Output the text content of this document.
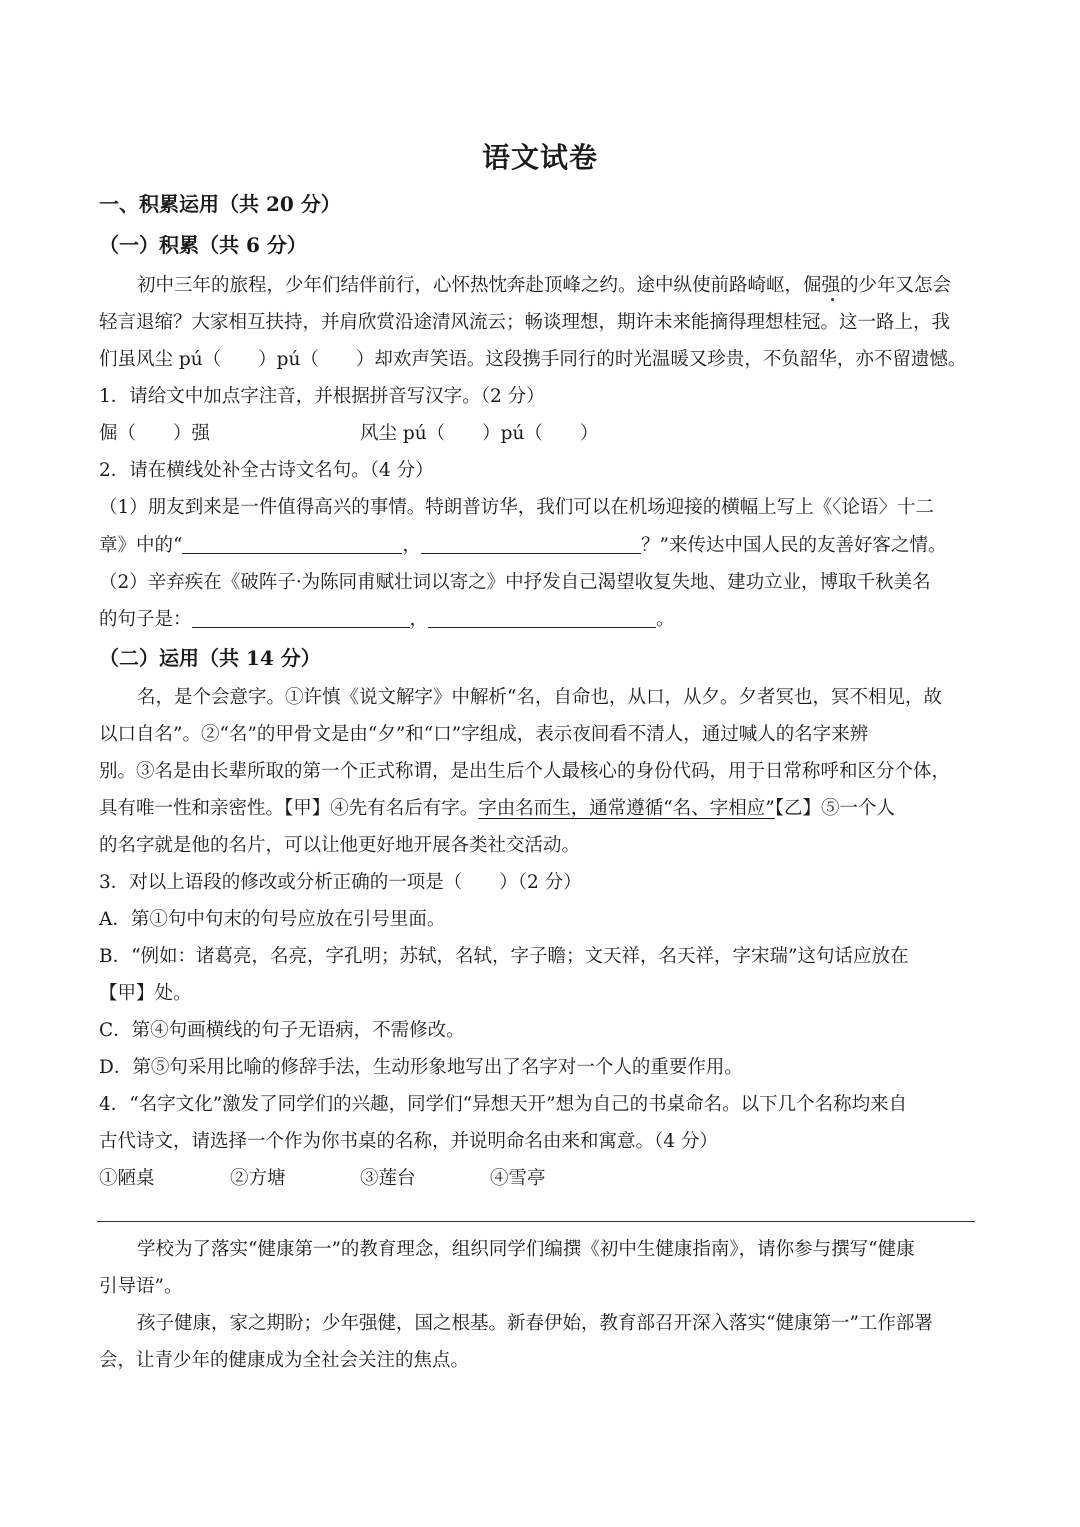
语文试卷
一、积累运用（共 20 分）
（一）积累（共 6 分）
初中三年的旅程，少年们结伴前行，心怀热忱奔赴顶峰之约。途中纵使前路崎岖，倔强的少年又怎会
轻言退缩？大家相互扶持，并肩欣赏沿途清风流云；畅谈理想，期许未来能摘得理想桂冠。这一路上，我
们虽风尘 pú（　　）pú（　　）却欢声笑语。这段携手同行的时光温暖又珍贵，不负韶华，亦不留遗憾。
1．请给文中加点字注音，并根据拼音写汉字。（2 分）
倔（　　）强	风尘 pú（　　）pú（　　）
2．请在横线处补全古诗文名句。（4 分）
（1）朋友到来是一件值得高兴的事情。特朗普访华，我们可以在机场迎接的横幅上写上《〈论语〉十二
章》中的“	，	？”来传达中国人民的友善好客之情。
（2）辛弃疾在《破阵子·为陈同甫赋壮词以寄之》中抒发自己渴望收复失地、建功立业，博取千秋美名
的句子是：	，	。
（二）运用（共 14 分）
名，是个会意字。①许慎《说文解字》中解析“名，自命也，从口，从夕。夕者冥也，冥不相见，故
以口自名”。②“名”的甲骨文是由“夕”和“口”字组成，表示夜间看不清人，通过喊人的名字来辨
别。③名是由长辈所取的第一个正式称谓，是出生后个人最核心的身份代码，用于日常称呼和区分个体，
具有唯一性和亲密性。【甲】④先有名后有字。字由名而生，通常遵循“名、字相应”【乙】⑤一个人
的名字就是他的名片，可以让他更好地开展各类社交活动。
3．对以上语段的修改或分析正确的一项是（　　）（2 分）
A．第①句中句末的句号应放在引号里面。
B．“例如：诸葛亮，名亮，字孔明；苏轼，名轼，字子瞻；文天祥，名天祥，字宋瑞”这句话应放在
【甲】处。
C．第④句画横线的句子无语病，不需修改。
D．第⑤句采用比喻的修辞手法，生动形象地写出了名字对一个人的重要作用。
4．“名字文化”激发了同学们的兴趣，同学们“异想天开”想为自己的书桌命名。以下几个名称均来自
古代诗文，请选择一个作为你书桌的名称，并说明命名由来和寓意。（4 分）
①陋桌	②方塘	③莲台	④雪亭
学校为了落实“健康第一”的教育理念，组织同学们编撰《初中生健康指南》，请你参与撰写“健康
引导语”。
孩子健康，家之期盼；少年强健，国之根基。新春伊始，教育部召开深入落实“健康第一”工作部署
会，让青少年的健康成为全社会关注的焦点。
